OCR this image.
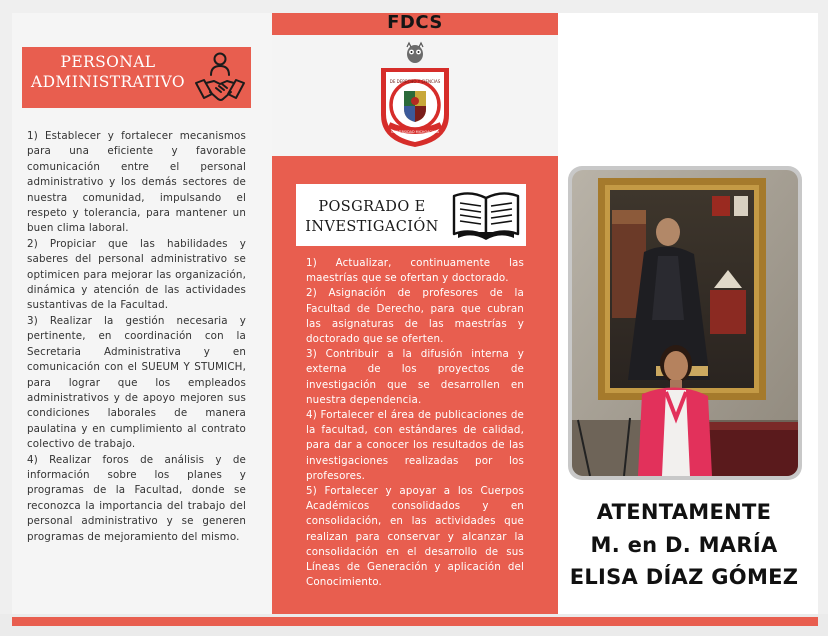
PERSONAL
ADMINISTRATIVO

1) Establecer y fortalecer mecanismos para una eficiente y favorable comunicación entre el personal administrativo y los demás sectores de nuestra comunidad, impulsando el respeto y tolerancia, para mantener un buen clima laboral.

2) Propiciar que las habilidades y saberes del personal administrativo se optimicen para mejorar las organización, dinámica y atención de las actividades sustantivas de la Facultad.

3) Realizar la gestión necesaria y pertinente, en coordinación con la Secretaria Administrativa y en comunicación con el SUEUM Y STUMICH, para lograr que los empleados administrativos y de apoyo mejoren sus condiciones laborales de manera paulatina y en cumplimiento al contrato colectivo de trabajo.

4) Realizar foros de análisis y de información sobre los planes y programas de la Facultad, donde se reconozca la importancia del trabajo del personal administrativo y se generen programas de mejoramiento del mismo.

FDCS
DE DERECHO Y CIENCIAS
UNIVERSIDAD MICHOACANA
POSGRADO E
INVESTIGACIÓN

1) Actualizar, continuamente las maestrías que se ofertan y doctorado.

2) Asignación de profesores de la Facultad de Derecho, para que cubran las asignaturas de las maestrías y doctorado que se oferten.

3) Contribuir a la difusión interna y externa de los proyectos de investigación que se desarrollen en nuestra dependencia.

4) Fortalecer el área de publicaciones de la facultad, con estándares de calidad, para dar a conocer los resultados de las investigaciones realizadas por los profesores.

5) Fortalecer y apoyar a los Cuerpos Académicos consolidados y en consolidación, en las actividades que realizan para conservar y alcanzar la consolidación en el desarrollo de sus Líneas de Generación y aplicación del Conocimiento.

ATENTAMENTE
M. en D. MARÍA
ELISA DÍAZ GÓMEZ
